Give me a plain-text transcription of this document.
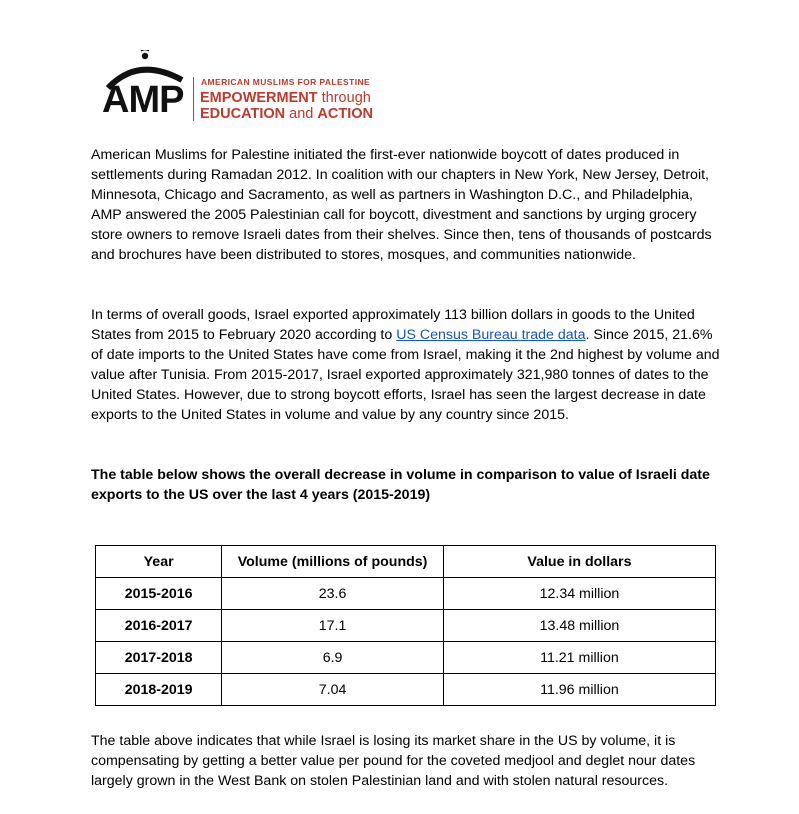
AMP AMERICAN MUSLIMS FOR PALESTINE
EMPOWERMENT through
EDUCATION and ACTION

American Muslims for Palestine initiated the first-ever nationwide boycott of dates produced in settlements during Ramadan 2012. In coalition with our chapters in New York, New Jersey, Detroit, Minnesota, Chicago and Sacramento, as well as partners in Washington D.C., and Philadelphia, AMP answered the 2005 Palestinian call for boycott, divestment and sanctions by urging grocery store owners to remove Israeli dates from their shelves. Since then, tens of thousands of postcards and brochures have been distributed to stores, mosques, and communities nationwide.

In terms of overall goods, Israel exported approximately 113 billion dollars in goods to the United States from 2015 to February 2020 according to US Census Bureau trade data. Since 2015, 21.6% of date imports to the United States have come from Israel, making it the 2nd highest by volume and value after Tunisia. From 2015-2017, Israel exported approximately 321,980 tonnes of dates to the United States. However, due to strong boycott efforts, Israel has seen the largest decrease in date exports to the United States in volume and value by any country since 2015.

The table below shows the overall decrease in volume in comparison to value of Israeli date exports to the US over the last 4 years (2015-2019)

Year	Volume (millions of pounds)	Value in dollars
2015-2016	23.6	12.34 million
2016-2017	17.1	13.48 million
2017-2018	6.9	11.21 million
2018-2019	7.04	11.96 million

The table above indicates that while Israel is losing its market share in the US by volume, it is compensating by getting a better value per pound for the coveted medjool and deglet nour dates largely grown in the West Bank on stolen Palestinian land and with stolen natural resources.
